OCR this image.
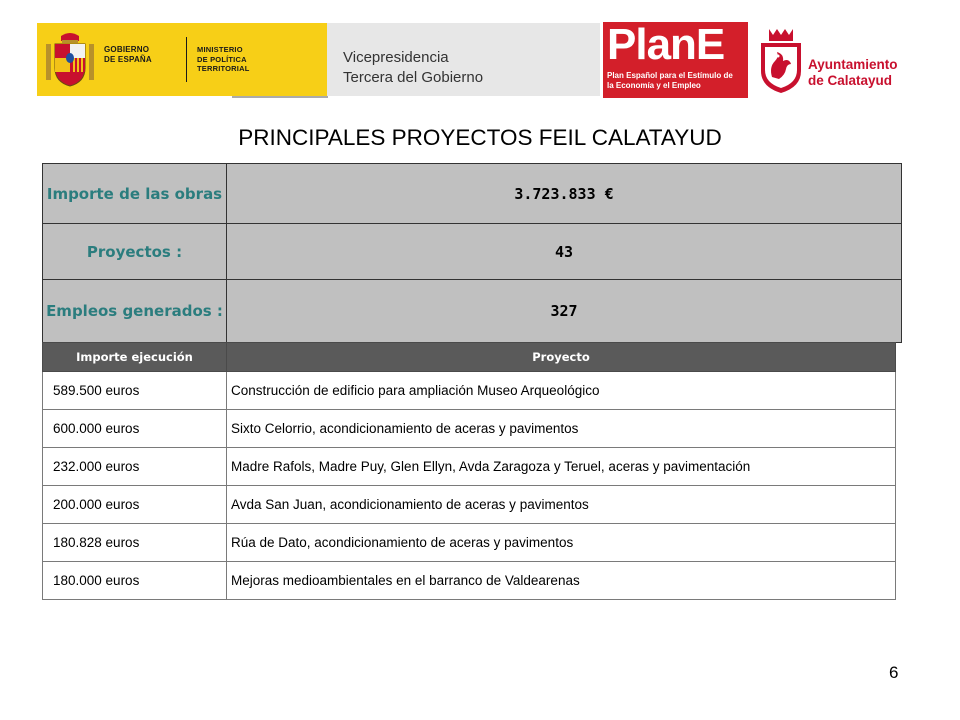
GOBIERNO
DE ESPAÑA
MINISTERIO
DE POLÍTICA
TERRITORIAL
Vicepresidencia
Tercera del Gobierno
PlanE
Plan Español para el Estímulo de
la Economía y el Empleo
Ayuntamiento
de Calatayud
PRINCIPALES PROYECTOS FEIL CALATAYUD
Importe de las obras	3.723.833 €
Proyectos :	43
Empleos generados :	327
Importe ejecución	Proyecto
589.500 euros	Construcción de edificio para ampliación Museo Arqueológico
600.000 euros	Sixto Celorrio, acondicionamiento de aceras y pavimentos
232.000 euros	Madre Rafols, Madre Puy, Glen Ellyn, Avda Zaragoza y Teruel, aceras y pavimentación
200.000 euros	Avda San Juan, acondicionamiento de aceras y pavimentos
180.828 euros	Rúa de Dato, acondicionamiento de aceras y pavimentos
180.000 euros	Mejoras medioambientales en el barranco de Valdearenas
6
